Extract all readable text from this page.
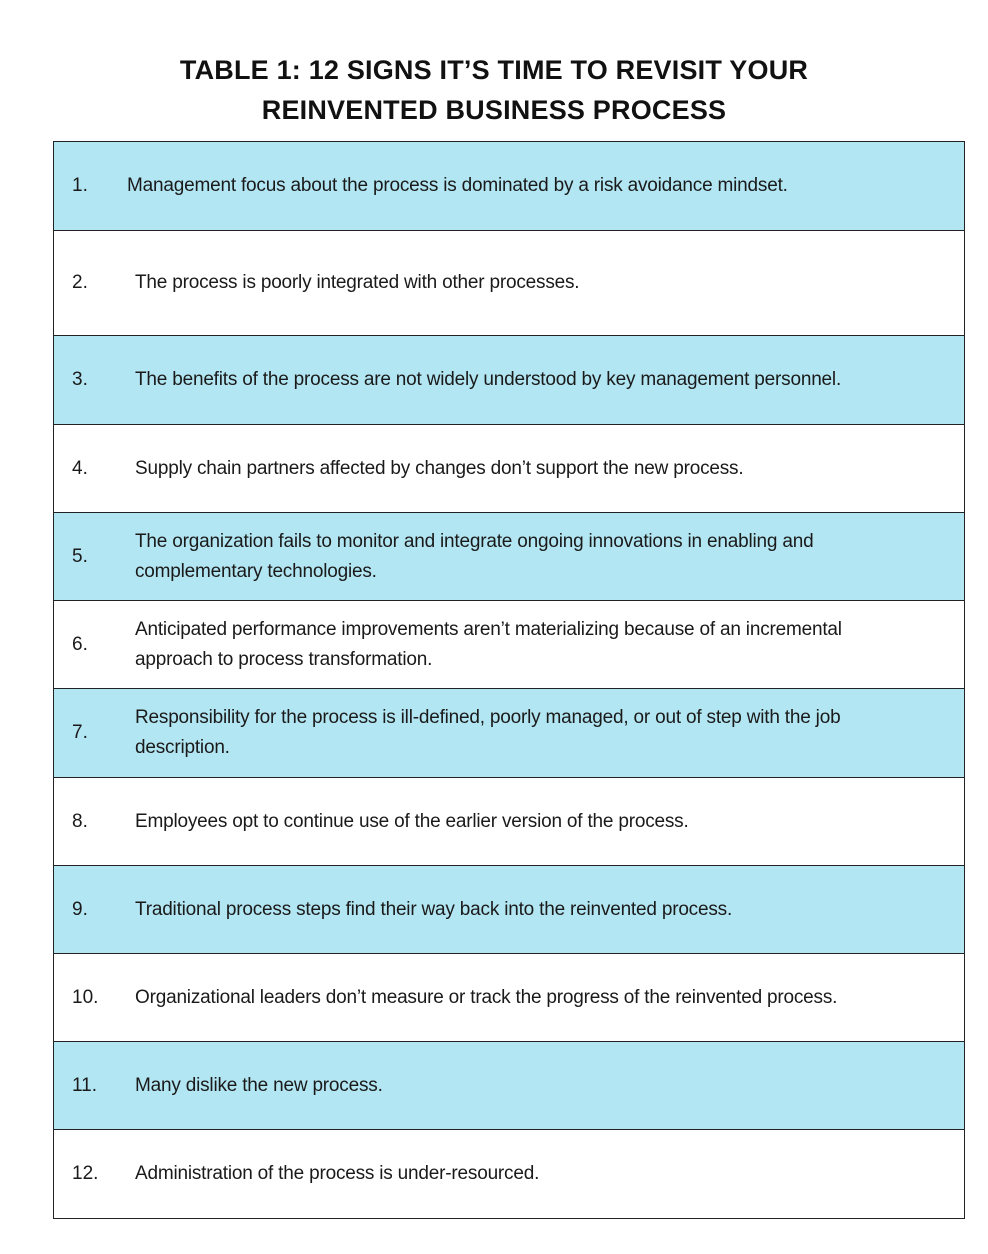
TABLE 1: 12 SIGNS IT’S TIME TO REVISIT YOUR
REINVENTED BUSINESS PROCESS
1. Management focus about the process is dominated by a risk avoidance mindset.
2. The process is poorly integrated with other processes.
3. The benefits of the process are not widely understood by key management personnel.
4. Supply chain partners affected by changes don’t support the new process.
5.
The organization fails to monitor and integrate ongoing innovations in enabling and complementary technologies.
6.
Anticipated performance improvements aren’t materializing because of an incremental approach to process transformation.
7.
Responsibility for the process is ill-defined, poorly managed, or out of step with the job description.
8. Employees opt to continue use of the earlier version of the process.
9. Traditional process steps find their way back into the reinvented process.
10. Organizational leaders don’t measure or track the progress of the reinvented process.
11. Many dislike the new process.
12. Administration of the process is under-resourced.
